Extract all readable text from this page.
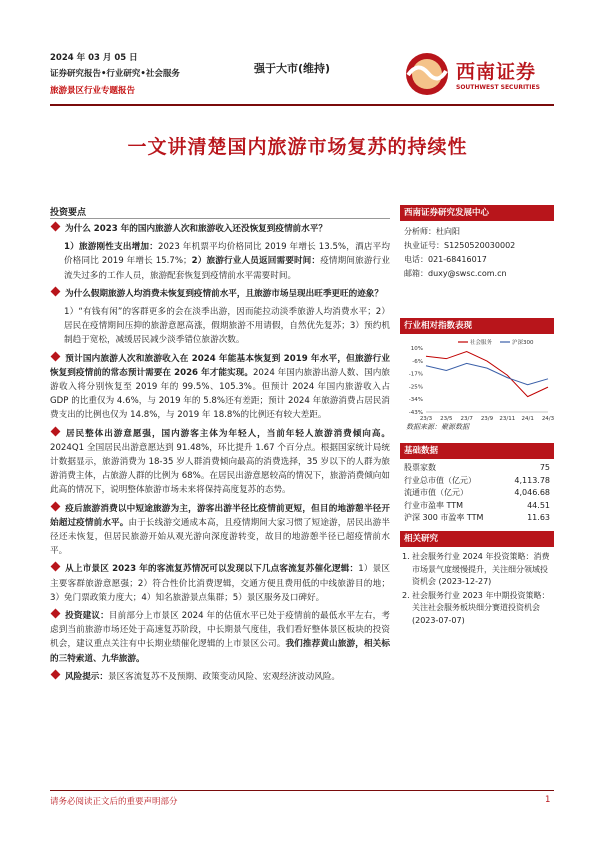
2024 年 03 月 05 日
证券研究报告•行业研究•社会服务
旅游景区行业专题报告
强于大市(维持)	西南证券
SOUTHWEST SECURITIES
一文讲清楚国内旅游市场复苏的持续性
投资要点
为什么 2023 年的国内旅游人次和旅游收入还没恢复到疫情前水平？
1）旅游刚性支出增加：2023 年机票平均价格同比 2019 年增长 13.5%，酒店平均价格同比 2019 年增长 15.7%；2）旅游行业人员返回需要时间：疫情期间旅游行业流失过多的工作人员，旅游配套恢复到疫情前水平需要时间。
为什么假期旅游人均消费未恢复到疫情前水平，且旅游市场呈现出旺季更旺的迹象？
1）“有钱有闲”的客群更多的会在淡季出游，因而能拉动淡季旅游人均消费水平；2）居民在疫情期间压抑的旅游意愿高涨，假期旅游不用请假，自然优先复苏；3）预约机制趋于宽松，减缓居民减少淡季错位旅游次数。
预计国内旅游人次和旅游收入在 2024 年能基本恢复到 2019 年水平，但旅游行业恢复到疫情前的常态预计需要在 2026 年才能实现。2024 年国内旅游出游人数、国内旅游收入将分别恢复至 2019 年的 99.5%、105.3%。但预计 2024 年国内旅游收入占 GDP 的比重仅为 4.6%，与 2019 年的 5.8%还有差距；预计 2024 年旅游消费占居民消费支出的比例也仅为 14.8%，与 2019 年 18.8%的比例还有较大差距。
居民整体出游意愿强，国内游客主体为年轻人，当前年轻人旅游消费倾向高。2024Q1 全国居民出游意愿达到 91.48%，环比提升 1.67 个百分点。根据国家统计局统计数据显示，旅游消费为 18-35 岁人群消费倾向最高的消费选择，35 岁以下的人群为旅游消费主体，占旅游人群的比例为 68%。在居民出游意愿较高的情况下，旅游消费倾向如此高的情况下，说明整体旅游市场未来将保持高度复苏的态势。
疫后旅游消费以中短途旅游为主，游客出游半径比疫情前更短，但目的地游憩半径开始超过疫情前水平。由于长线游交通成本高，且疫情期间大家习惯了短途游，居民出游半径还未恢复，但居民旅游开始从观光游向深度游转变，故目的地游憩半径已超疫情前水平。
从上市景区 2023 年的客流复苏情况可以发现以下几点客流复苏催化逻辑：1）景区主要客群旅游意愿强；2）符合性价比消费逻辑，交通方便且费用低的中线旅游目的地；3）免门票政策力度大；4）知名旅游景点集群；5）景区服务及口碑好。
投资建议：目前部分上市景区 2024 年的估值水平已处于疫情前的最低水平左右，考虑到当前旅游市场还处于高速复苏阶段，中长期景气度佳，我们看好整体景区板块的投资机会，建议重点关注有中长期业绩催化逻辑的上市景区公司。我们推荐黄山旅游，相关标的三特索道、九华旅游。
风险提示：景区客流复苏不及预期、政策变动风险、宏观经济波动风险。
西南证券研究发展中心
分析师：杜向阳
执业证号：S1250520030002
电话：021-68416017
邮箱：duxy@swsc.com.cn
行业相对指数表现
10%
-6%
-17%
-25%
-34%
-43%
23/3 23/5 23/7 23/9 23/11 24/1 24/3
社会服务	沪深300
数据来源：聚源数据
基础数据
股票家数	75
行业总市值（亿元）	4,113.78
流通市值（亿元）	4,046.68
行业市盈率 TTM	44.51
沪深 300 市盈率 TTM	11.63
相关研究
1. 社会服务行业 2024 年投资策略：消费市场景气度缓慢提升，关注细分领域投资机会 (2023-12-27)
2. 社会服务行业 2023 年中期投资策略：关注社会服务板块细分赛道投资机会 (2023-07-07)
请务必阅读正文后的重要声明部分	1
